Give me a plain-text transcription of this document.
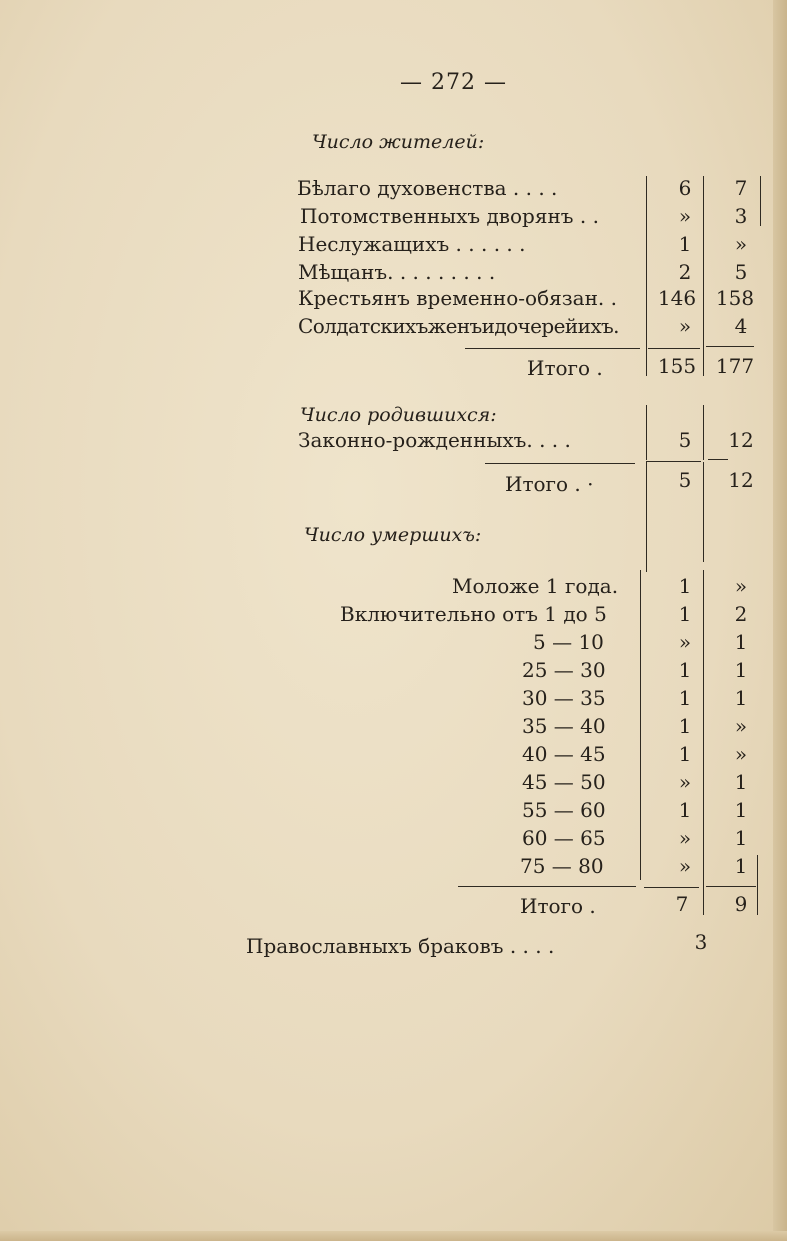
— 272 —
Число жителей:
Бѣлаго духовенства . . . .	6	7
Потомственныхъ дворянъ . .	»	3
Неслужащихъ . . . . . .	1	»
Мѣщанъ. . . . . . . . .	2	5
Крестьянъ временно-обязан. . 146 158
Солдатскихъженъидочерейихъ.	»	4
Итого .	155 177
Число родившихся:
Законно-рожденныхъ. . . .	5	12
Итого . ·	5	12
Число умершихъ:
Моложе 1 года.	1	»
Включительно отъ 1 до 5	1	2
5 — 10	»	1
25 — 30	1	1
30 — 35	1	1
35 — 40	1	»
40 — 45	1	»
45 — 50	»	1
55 — 60	1	1
60 — 65	»	1
75 — 80	»	1
Итого .	7	9
Православныхъ браковъ . . . .	3
